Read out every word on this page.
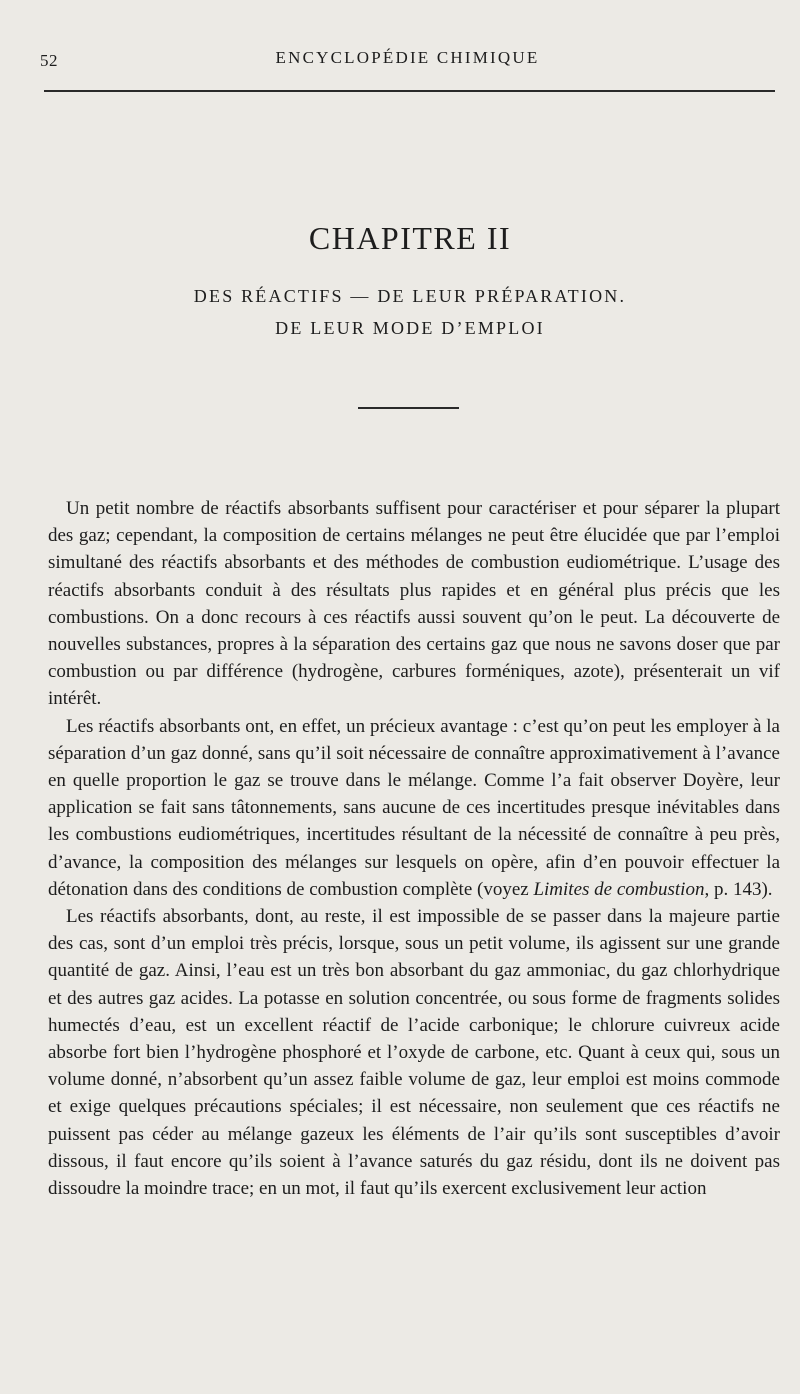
52	ENCYCLOPÉDIE CHIMIQUE
CHAPITRE II
DES RÉACTIFS — DE LEUR PRÉPARATION.
DE LEUR MODE D’EMPLOI

Un petit nombre de réactifs absorbants suffisent pour caractériser et pour séparer la plupart des gaz; cependant, la composition de certains mélanges ne peut être élucidée que par l’emploi simultané des réactifs absorbants et des méthodes de combustion eudiométrique. L’usage des réactifs absorbants conduit à des résultats plus rapides et en général plus précis que les combustions. On a donc recours à ces réactifs aussi souvent qu’on le peut. La découverte de nouvelles substances, propres à la séparation des certains gaz que nous ne savons doser que par combustion ou par différence (hydrogène, carbures forméniques, azote), présenterait un vif intérêt.

Les réactifs absorbants ont, en effet, un précieux avantage : c’est qu’on peut les employer à la séparation d’un gaz donné, sans qu’il soit nécessaire de connaître approximativement à l’avance en quelle proportion le gaz se trouve dans le mélange. Comme l’a fait observer Doyère, leur application se fait sans tâtonnements, sans aucune de ces incertitudes presque inévitables dans les combustions eudiométriques, incertitudes résultant de la nécessité de connaître à peu près, d’avance, la composition des mélanges sur lesquels on opère, afin d’en pouvoir effectuer la détonation dans des conditions de combustion complète (voyez Limites de combustion, p. 143).

Les réactifs absorbants, dont, au reste, il est impossible de se passer dans la majeure partie des cas, sont d’un emploi très précis, lorsque, sous un petit volume, ils agissent sur une grande quantité de gaz. Ainsi, l’eau est un très bon absorbant du gaz ammoniac, du gaz chlorhydrique et des autres gaz acides. La potasse en solution concentrée, ou sous forme de fragments solides humectés d’eau, est un excellent réactif de l’acide carbonique; le chlorure cuivreux acide absorbe fort bien l’hydrogène phosphoré et l’oxyde de carbone, etc. Quant à ceux qui, sous un volume donné, n’absorbent qu’un assez faible volume de gaz, leur emploi est moins commode et exige quelques précautions spéciales; il est nécessaire, non seulement que ces réactifs ne puissent pas céder au mélange gazeux les éléments de l’air qu’ils sont susceptibles d’avoir dissous, il faut encore qu’ils soient à l’avance saturés du gaz résidu, dont ils ne doivent pas dissoudre la moindre trace; en un mot, il faut qu’ils exercent exclusivement leur action
